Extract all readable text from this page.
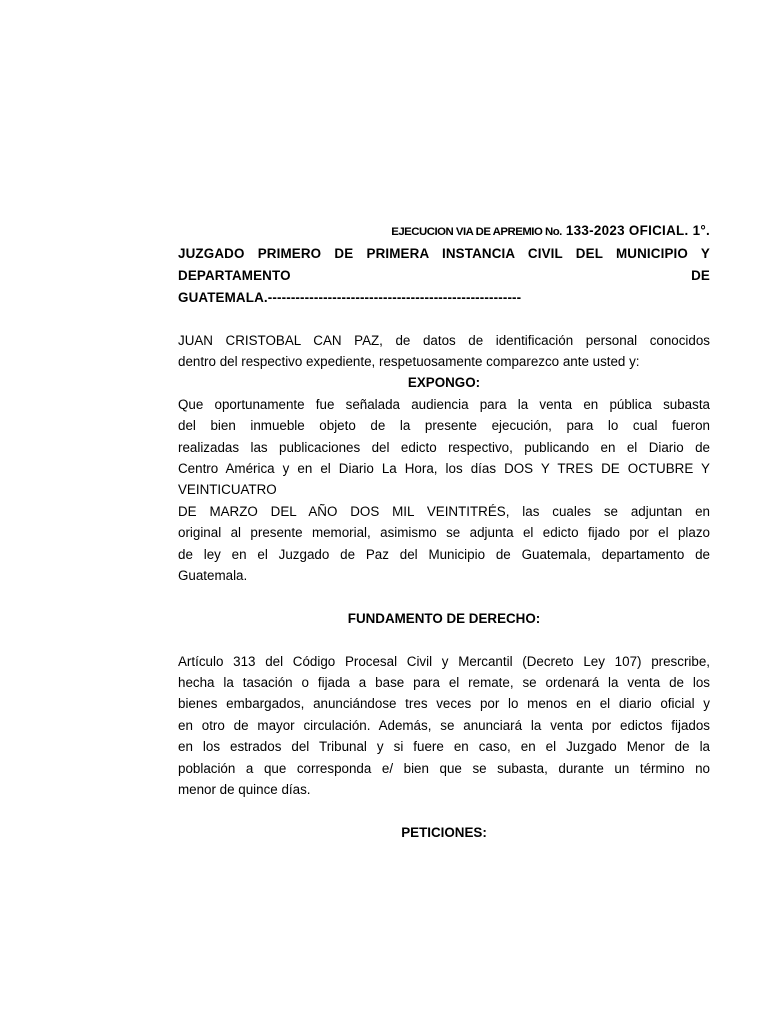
EJECUCION VIA DE APREMIO No. 133-2023 OFICIAL. 1°.

JUZGADO PRIMERO DE PRIMERA INSTANCIA CIVIL DEL MUNICIPIO Y

DEPARTAMENTO DE

GUATEMALA.-------------------------------------------------------

JUAN CRISTOBAL CAN PAZ, de datos de identificación personal conocidos
dentro del respectivo expediente, respetuosamente comparezco ante usted y:

EXPONGO:

Que oportunamente fue señalada audiencia para la venta en pública subasta
del bien inmueble objeto de la presente ejecución, para lo cual fueron
realizadas las publicaciones del edicto respectivo, publicando en el Diario de
Centro América y en el Diario La Hora, los días DOS Y TRES DE OCTUBRE Y
VEINTICUATRO
DE MARZO DEL AÑO DOS MIL VEINTITRÉS, las cuales se adjuntan en
original al presente memorial, asimismo se adjunta el edicto fijado por el plazo
de ley en el Juzgado de Paz del Municipio de Guatemala, departamento de
Guatemala.

FUNDAMENTO DE DERECHO:

Artículo 313 del Código Procesal Civil y Mercantil (Decreto Ley 107) prescribe,
hecha la tasación o fijada a base para el remate, se ordenará la venta de los
bienes embargados, anunciándose tres veces por lo menos en el diario oficial y
en otro de mayor circulación. Además, se anunciará la venta por edictos fijados
en los estrados del Tribunal y si fuere en caso, en el Juzgado Menor de la
población a que corresponda e/ bien que se subasta, durante un término no
menor de quince días.

PETICIONES:
